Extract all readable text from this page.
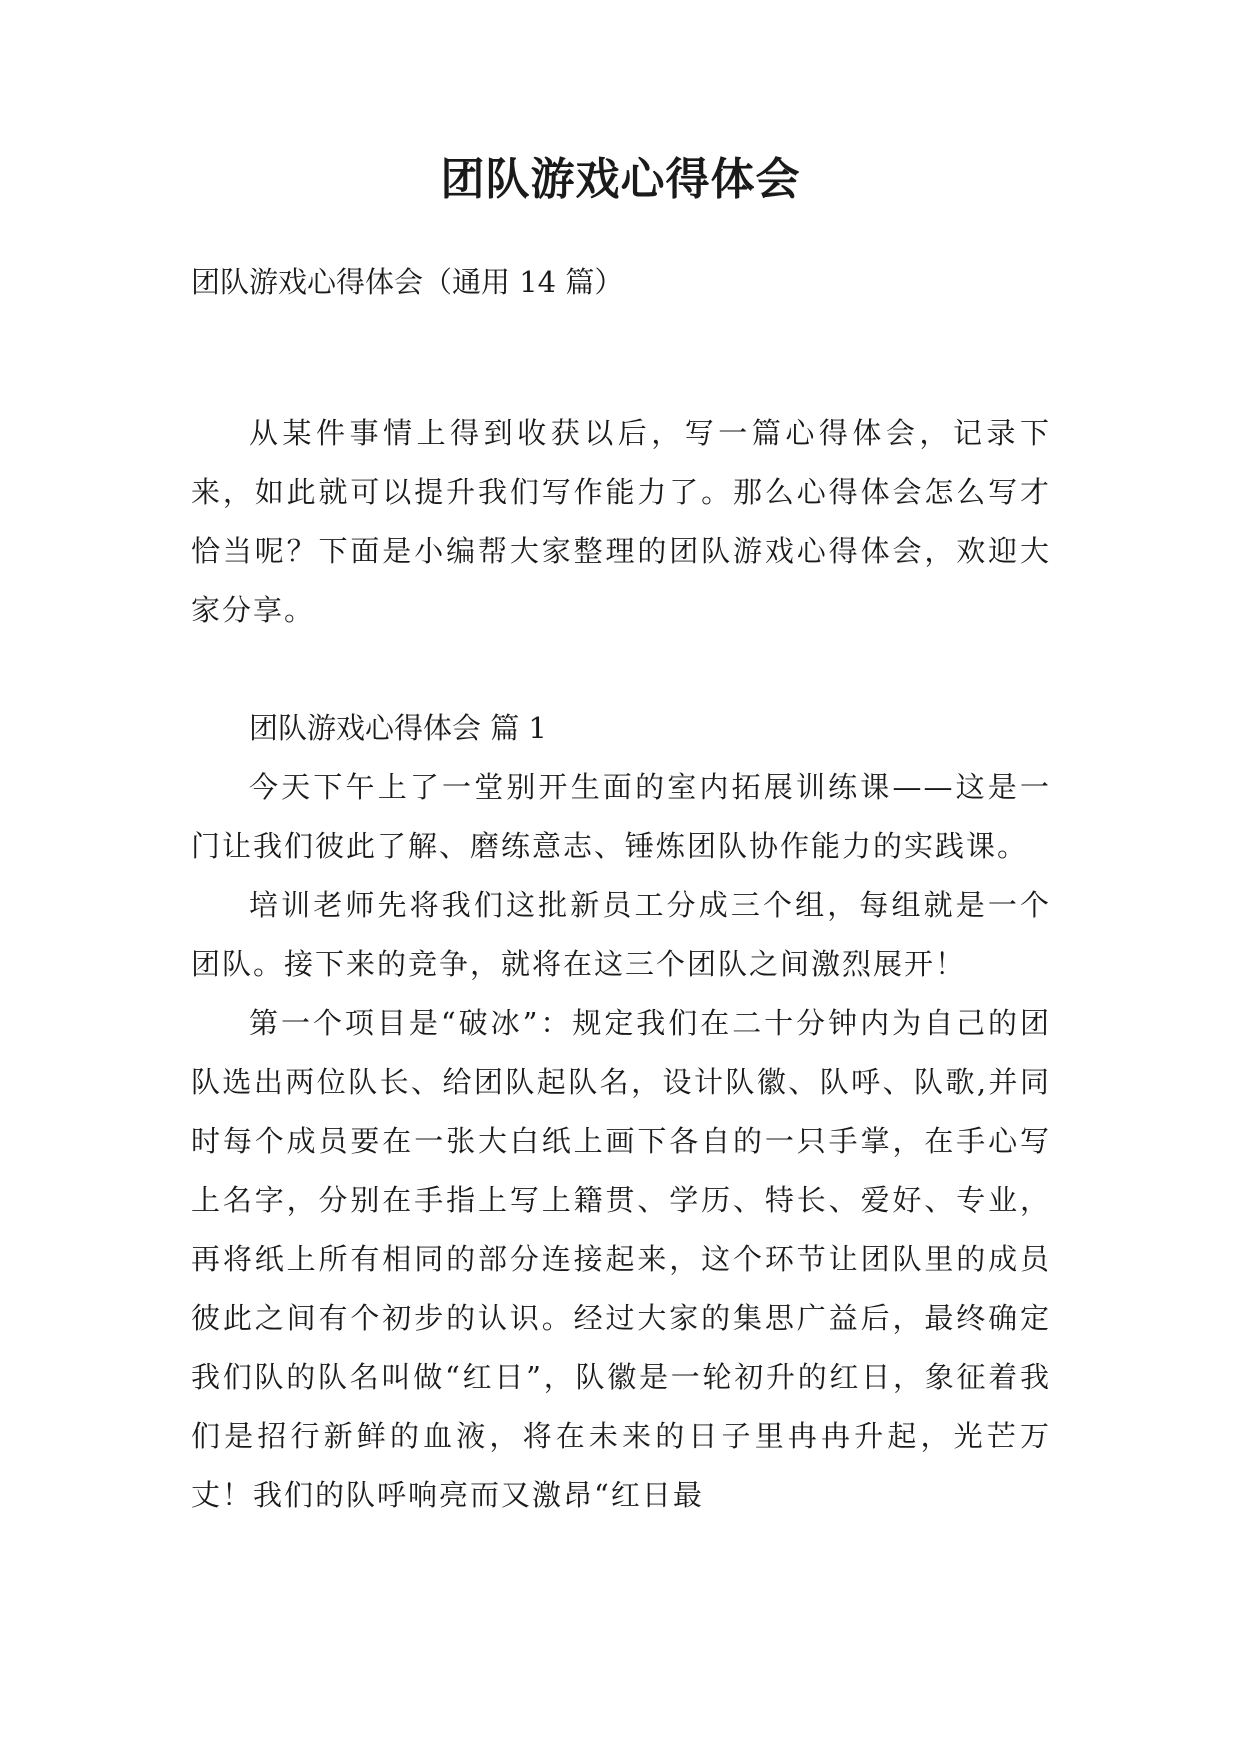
团队游戏心得体会
团队游戏心得体会（通用 14 篇）

从某件事情上得到收获以后，写一篇心得体会，记录下来，如此就可以提升我们写作能力了。那么心得体会怎么写才恰当呢？下面是小编帮大家整理的团队游戏心得体会，欢迎大家分享。

团队游戏心得体会 篇 1

今天下午上了一堂别开生面的室内拓展训练课——这是一门让我们彼此了解、磨练意志、锤炼团队协作能力的实践课。

培训老师先将我们这批新员工分成三个组，每组就是一个团队。接下来的竞争，就将在这三个团队之间激烈展开！

第一个项目是“破冰”：规定我们在二十分钟内为自己的团队选出两位队长、给团队起队名，设计队徽、队呼、队歌,并同时每个成员要在一张大白纸上画下各自的一只手掌，在手心写上名字，分别在手指上写上籍贯、学历、特长、爱好、专业，再将纸上所有相同的部分连接起来，这个环节让团队里的成员彼此之间有个初步的认识。经过大家的集思广益后，最终确定我们队的队名叫做“红日”，队徽是一轮初升的红日，象征着我们是招行新鲜的血液，将在未来的日子里冉冉升起，光芒万丈！我们的队呼响亮而又激昂“红日最
